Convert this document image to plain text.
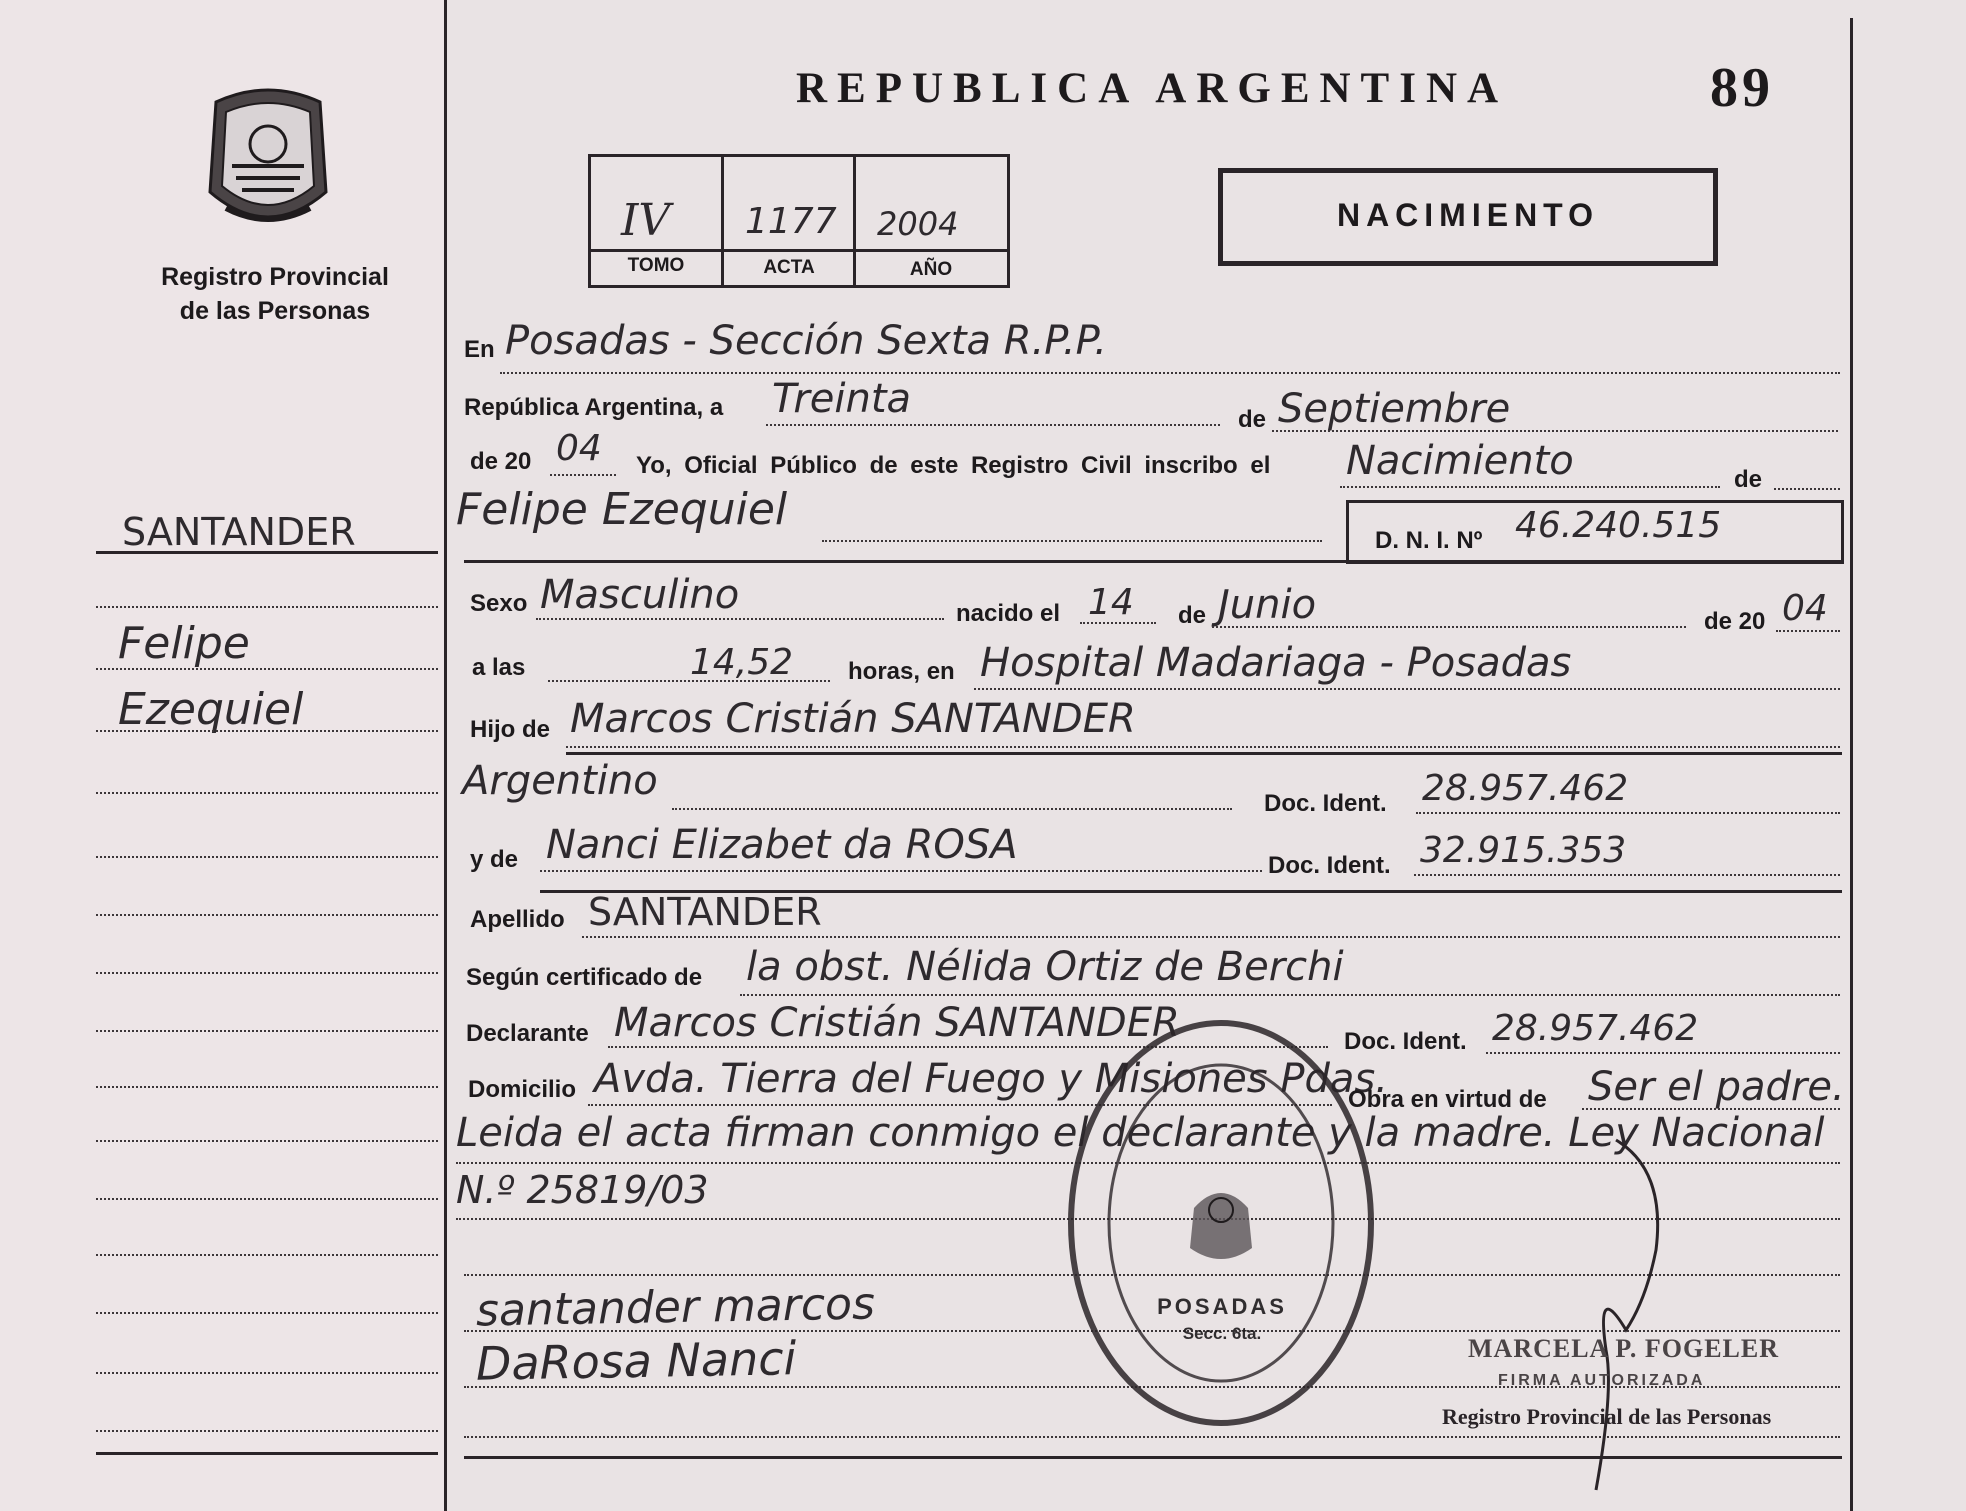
Registro Provincial
de las Personas
REPUBLICA ARGENTINA	89
IV 1177 2004
TOMO	ACTA	AÑO
NACIMIENTO
SANTANDER
Felipe
Ezequiel
En Posadas - Sección Sexta R.P.P.
República Argentina, a Treinta	de Septiembre
de 20 04 Yo, Oficial Público de este Registro Civil inscribo el Nacimiento	de
Felipe Ezequiel
D. N. I. Nº 46.240.515
Sexo Masculino	nacido el 14 de Junio	de 20 04
a las	14,52 horas, en Hospital Madariaga - Posadas
Hijo de Marcos Cristián SANTANDER
Argentino	Doc. Ident. 28.957.462
y de Nanci Elizabet da ROSA	Doc. Ident. 32.915.353
Apellido SANTANDER
Según certificado de la obst. Nélida Ortiz de Berchi
Declarante Marcos Cristián SANTANDER	Doc. Ident. 28.957.462
Domicilio Avda. Tierra del Fuego y Misiones Pdas.
Obra en virtud de Ser el padre.
Leida el acta firman conmigo el declarante y la madre. Ley Nacional
N.º 25819/03
santander marcos
DaRosa Nanci
POSADAS
Secc. 6ta.
MARCELA P. FOGELER
FIRMA AUTORIZADA
Registro Provincial de las Personas
